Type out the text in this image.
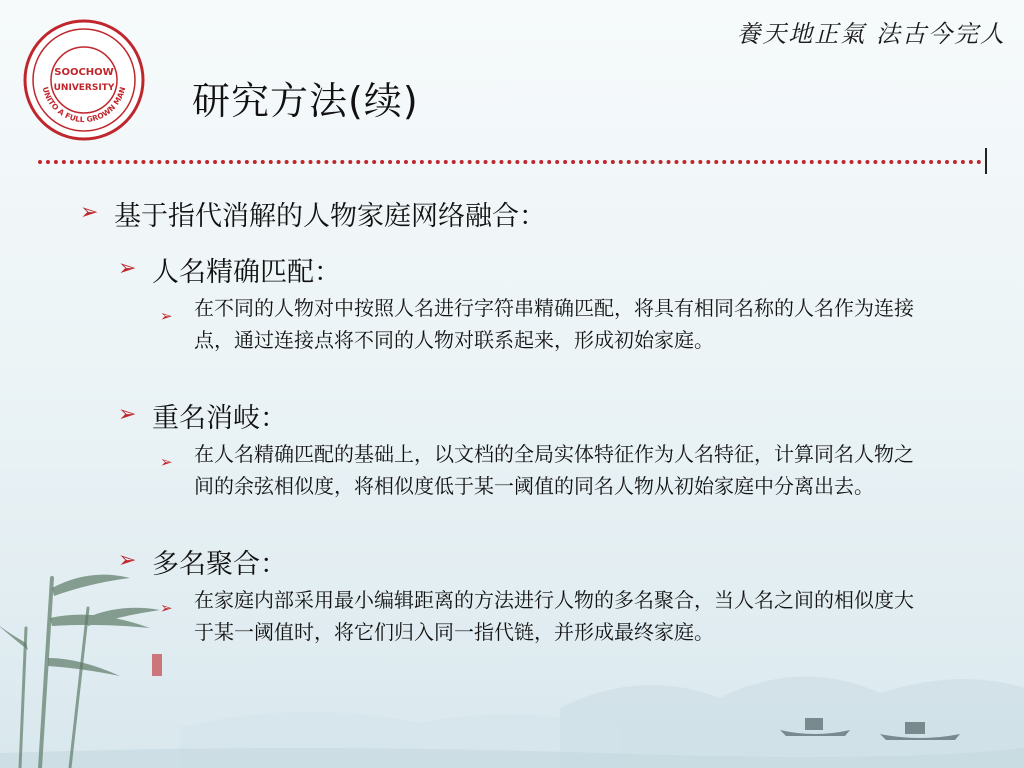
SOOCHOW
UNIVERSITY
UNITO A FULL GROWN MAN
養天地正氣 法古今完人
研究方法(续)
➢ 基于指代消解的人物家庭网络融合：
➢ 人名精确匹配：
➢	在不同的人物对中按照人名进行字符串精确匹配，将具有相同名称的人名作为连接点，通过连接点将不同的人物对联系起来，形成初始家庭。
➢ 重名消岐：
➢	在人名精确匹配的基础上，以文档的全局实体特征作为人名特征，计算同名人物之间的余弦相似度，将相似度低于某一阈值的同名人物从初始家庭中分离出去。
➢ 多名聚合：
➢	在家庭内部采用最小编辑距离的方法进行人物的多名聚合，当人名之间的相似度大于某一阈值时，将它们归入同一指代链，并形成最终家庭。
